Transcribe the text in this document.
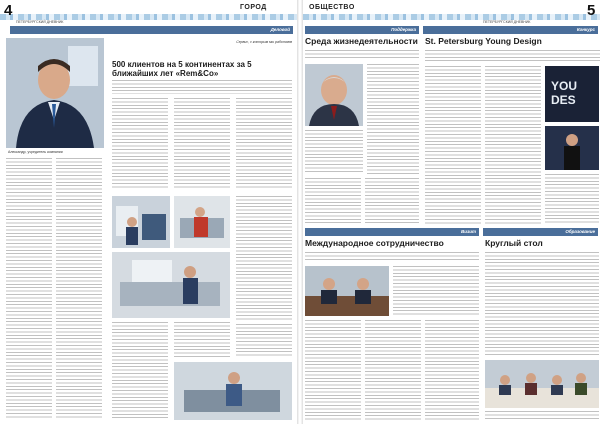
4	ГОРОД
ПЕТЕРБУРГСКИЙ ДНЕВНИК
Деловой
Александр, учредитель компании
Сервис, с которым мы работаем
500 клиентов на 5 континентах за 5 ближайших лет «Rem&Co»
ОБЩЕСТВО
ПЕТЕРБУРГСКИЙ ДНЕВНИК
5
Поддержка	Конкурс
Среда жизнедеятельности St. Petersburg Young Design
YOU
DES
Визит	Образование
Международное сотрудничество	Круглый стол
